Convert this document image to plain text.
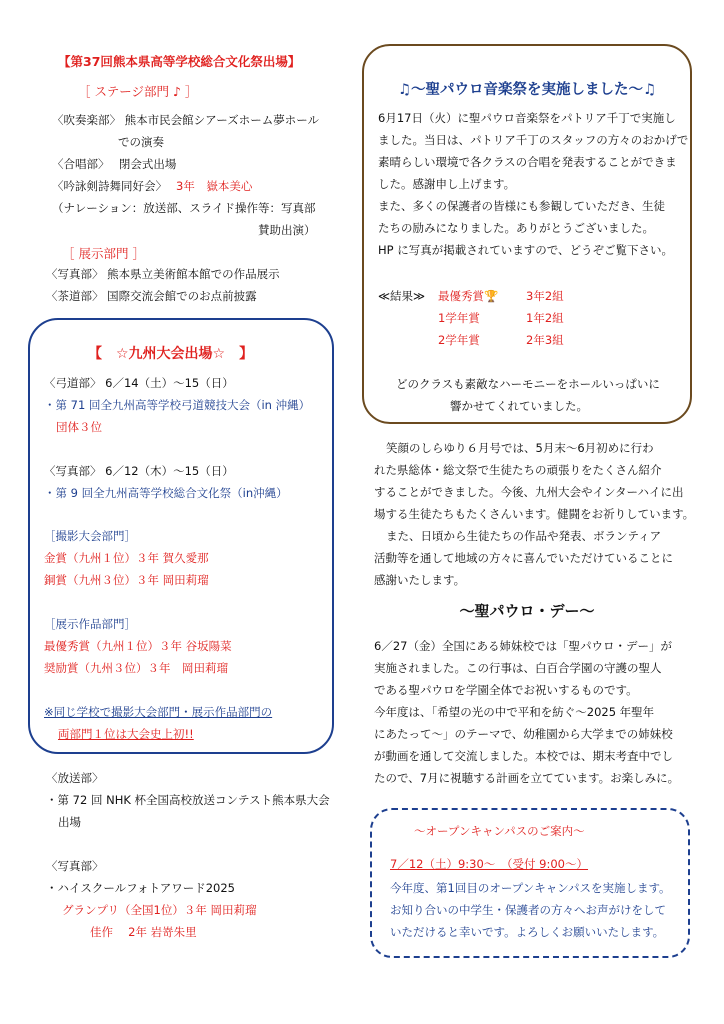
【第37回熊本県高等学校総合文化祭出場】
［ ステージ部門 ♪ ］
〈吹奏楽部〉 熊本市民会館シアーズホーム夢ホール
での演奏
〈合唱部〉　 閉会式出場
〈吟詠剣詩舞同好会〉 3年　嶽本美心
（ナレーション：放送部、スライド操作等：写真部
賛助出演）
［ 展示部門 ］
〈写真部〉 熊本県立美術館本館での作品展示
〈茶道部〉 国際交流会館でのお点前披露
【　☆九州大会出場☆　】
〈弓道部〉 6／14（土）～15（日）
・第 71 回全九州高等学校弓道競技大会（in 沖縄）
団体３位
〈写真部〉 6／12（木）～15（日）
・第 9 回全九州高等学校総合文化祭（in沖縄）
［撮影大会部門］
金賞（九州１位）３年 賀久愛那
銅賞（九州３位）３年 岡田莉瑠
［展示作品部門］
最優秀賞（九州１位）３年 谷坂陽菜
奨励賞（九州３位）３年　岡田莉瑠
※同じ学校で撮影大会部門・展示作品部門の
両部門１位は大会史上初!!
〈放送部〉
・第 72 回 NHK 杯全国高校放送コンテスト熊本県大会
出場
〈写真部〉
・ハイスクールフォトアワード2025
グランプリ（全国1位）３年 岡田莉瑠
佳作　 2年 岩嵜朱里
♫～聖パウロ音楽祭を実施しました～♫
6月17日（火）に聖パウロ音楽祭をパトリア千丁で実施し
ました。当日は、パトリア千丁のスタッフの方々のおかげで
素晴らしい環境で各クラスの合唱を発表することができま
した。感謝申し上げます。
また、多くの保護者の皆様にも参観していただき、生徒
たちの励みになりました。ありがとうございました。
HP に写真が掲載されていますので、どうぞご覧下さい。
≪結果≫ 最優秀賞🏆 3年2組
1学年賞	1年2組
2学年賞	2年3組
どのクラスも素敵なハーモニーをホールいっぱいに
響かせてくれていました。
笑顔のしらゆり６月号では、5月末～6月初めに行わ
れた県総体・総文祭で生徒たちの頑張りをたくさん紹介
することができました。今後、九州大会やインターハイに出
場する生徒たちもたくさんいます。健闘をお祈りしています。
また、日頃から生徒たちの作品や発表、ボランティア
活動等を通して地域の方々に喜んでいただけていることに
感謝いたします。
～聖パウロ・デー～
6／27（金）全国にある姉妹校では「聖パウロ・デー」が
実施されました。この行事は、白百合学園の守護の聖人
である聖パウロを学園全体でお祝いするものです。
今年度は、「希望の光の中で平和を紡ぐ～2025 年聖年
にあたって～」のテーマで、幼稚園から大学までの姉妹校
が動画を通して交流しました。本校では、期末考査中でし
たので、7月に視聴する計画を立てています。お楽しみに。
～オープンキャンパスのご案内～
7／12（土）9:30～　（受付 9:00～）
今年度、第1回目のオープンキャンパスを実施します。
お知り合いの中学生・保護者の方々へお声がけをして
いただけると幸いです。よろしくお願いいたします。
